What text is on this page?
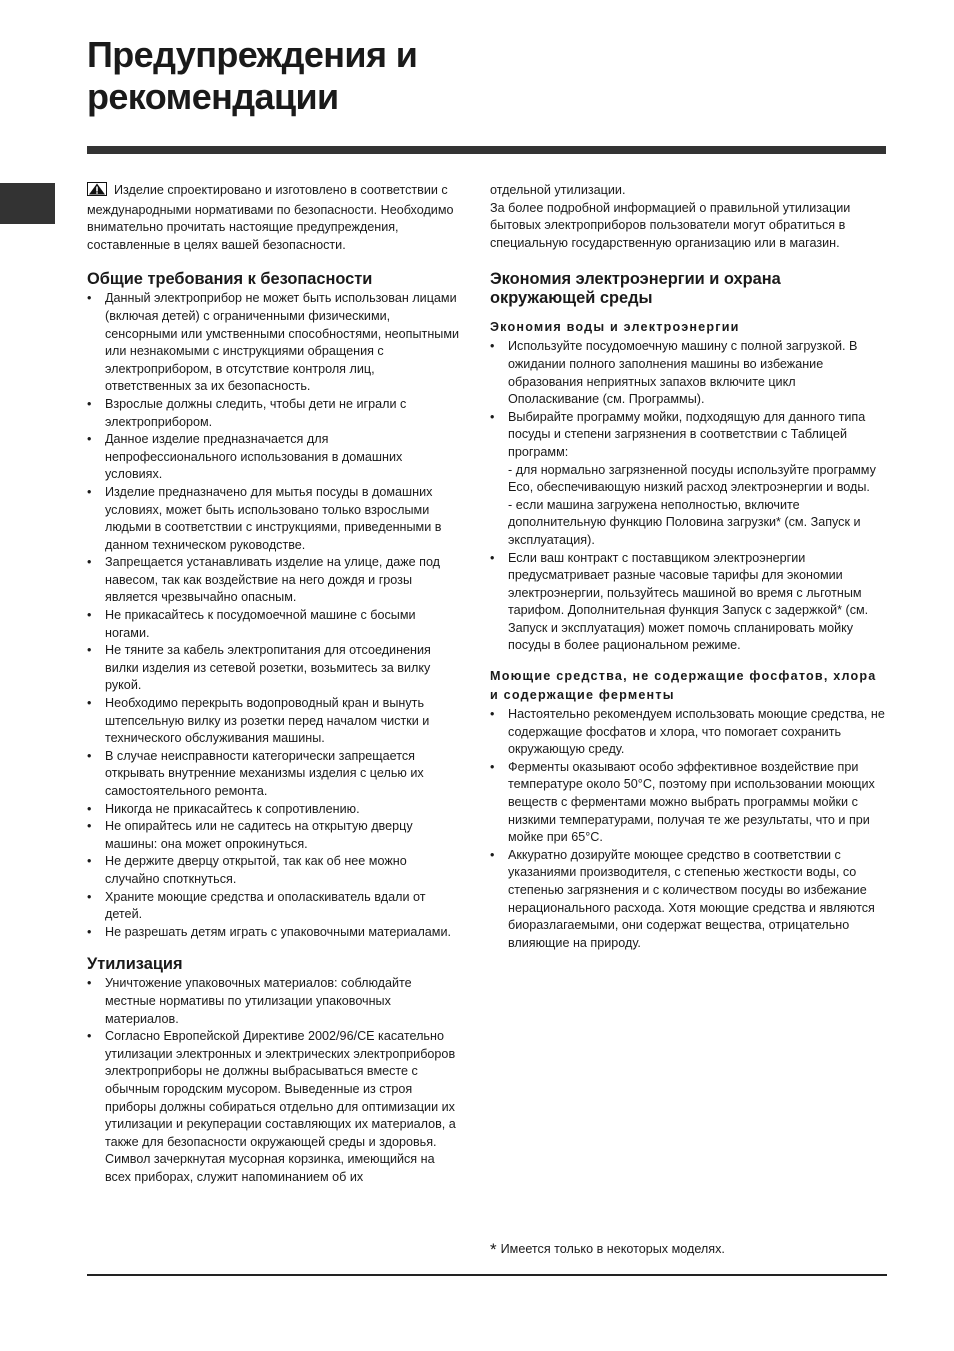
Предупреждения и
рекомендации

Изделие спроектировано и изготовлено в соответствии с международными нормативами по безопасности. Необходимо внимательно прочитать настоящие предупреждения, составленные в целях вашей безопасности.

Общие требования к безопасности
• Данный электроприбор не может быть использован лицами (включая детей) с ограниченными физическими, сенсорными или умственными способностями, неопытными или незнакомыми с инструкциями обращения с электроприбором, в отсутствие контроля лиц, ответственных за их безопасность.
• Взрослые должны следить, чтобы дети не играли с электроприбором.
• Данное изделие предназначается для непрофессионального использования в домашних условиях.
• Изделие предназначено для мытья посуды в домашних условиях, может быть использовано только взрослыми людьми в соответствии с инструкциями, приведенными в данном техническом руководстве.
• Запрещается устанавливать изделие на улице, даже под навесом, так как воздействие на него дождя и грозы является чрезвычайно опасным.
• Не прикасайтесь к посудомоечной машине с босыми ногами.
• Не тяните за кабель электропитания для отсоединения вилки изделия из сетевой розетки, возьмитесь за вилку рукой.
• Необходимо перекрыть водопроводный кран и вынуть штепсельную вилку из розетки перед началом чистки и технического обслуживания машины.
• В случае неисправности категорически запрещается открывать внутренние механизмы изделия с целью их самостоятельного ремонта.
• Никогда не прикасайтесь к сопротивлению.
• Не опирайтесь или не садитесь на открытую дверцу машины: она может опрокинуться.
• Не держите дверцу открытой, так как об нее можно случайно споткнуться.
• Храните моющие средства и ополаскиватель вдали от детей.
• Не разрешать детям играть с упаковочными материалами.
Утилизация
• Уничтожение упаковочных материалов: соблюдайте местные нормативы по утилизации упаковочных материалов.
• Согласно Европейской Директиве 2002/96/CE касательно утилизации электронных и электрических электроприборов электроприборы не должны выбрасываться вместе с обычным городским мусором. Выведенные из строя приборы должны собираться отдельно для оптимизации их утилизации и рекуперации составляющих их материалов, а также для безопасности окружающей среды и здоровья. Символ зачеркнутая мусорная корзинка, имеющийся на всех приборах, служит напоминанием об их

отдельной утилизации.

За более подробной информацией о правильной утилизации бытовых электроприборов пользователи могут обратиться в специальную государственную организацию или в магазин.

Экономия электроэнергии и охрана окружающей среды
Экономия воды и электроэнергии
• Используйте посудомоечную машину с полной загрузкой. В ожидании полного заполнения машины во избежание образования неприятных запахов включите цикл Ополаскивание (см. Программы).
• Выбирайте программу мойки, подходящую для данного типа посуды и степени загрязнения в соответствии с Таблицей программ:
- для нормально загрязненной посуды используйте программу Eco, обеспечивающую низкий расход электроэнергии и воды.
- если машина загружена неполностью, включите дополнительную функцию Половина загрузки* (см. Запуск и эксплуатация).
• Если ваш контракт с поставщиком электроэнергии предусматривает разные часовые тарифы для экономии электроэнергии, пользуйтесь машиной во время с льготным тарифом. Дополнительная функция Запуск с задержкой* (см. Запуск и эксплуатация) может помочь спланировать мойку посуды в более рациональном режиме.
Моющие средства, не содержащие фосфатов, хлора и содержащие ферменты
• Настоятельно рекомендуем использовать моющие средства, не содержащие фосфатов и хлора, что помогает сохранить окружающую среду.
• Ферменты оказывают особо эффективное воздействие при температуре около 50°С, поэтому при использовании моющих веществ с ферментами можно выбрать программы мойки с низкими температурами, получая те же результаты, что и при мойке при 65°С.
• Аккуратно дозируйте моющее средство в соответствии с указаниями производителя, с степенью жесткости воды, со степенью загрязнения и с количеством посуды во избежание нерационального расхода. Хотя моющие средства и являются биоразлагаемыми, они содержат вещества, отрицательно влияющие на природу.
* Имеется только в некоторых моделях.
